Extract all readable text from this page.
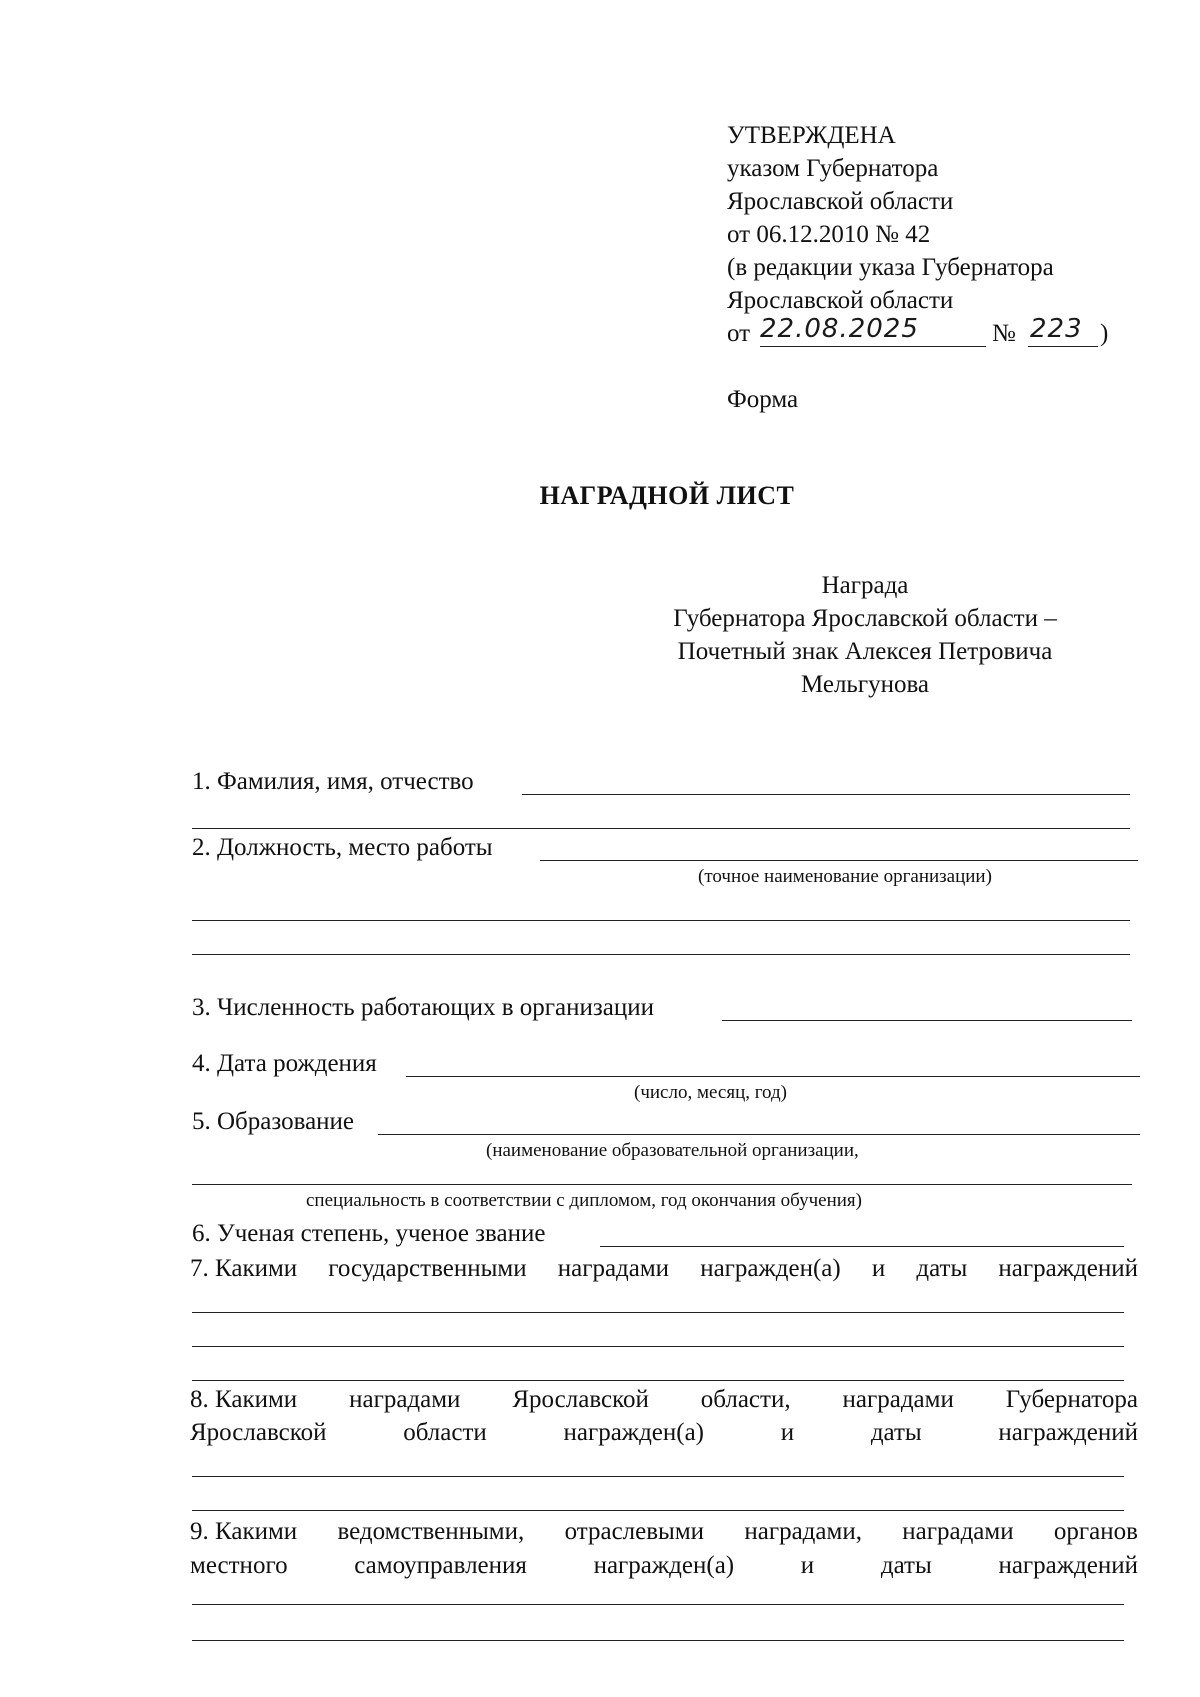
УТВЕРЖДЕНА
указом Губернатора
Ярославской области
от 06.12.2010 № 42
(в редакции указа Губернатора
Ярославской области
от 22.08.2025	№ 223 )
Форма
НАГРАДНОЙ ЛИСТ
Награда
Губернатора Ярославской области –
Почетный знак Алексея Петровича
Мельгунова
1. Фамилия, имя, отчество
2. Должность, место работы
(точное наименование организации)
3. Численность работающих в организации
4. Дата рождения
(число, месяц, год)
5. Образование
(наименование образовательной организации,
специальность в соответствии с дипломом, год окончания обучения)
6. Ученая степень, ученое звание
7. Какими государственными наградами награжден(а) и даты награждений
8. Какими наградами Ярославской области, наградами Губернатора
Ярославской	области	награжден(а)	и	даты	награждений
9. Какими ведомственными, отраслевыми наградами, наградами органов
местного	самоуправления	награжден(а)	и	даты	награждений
